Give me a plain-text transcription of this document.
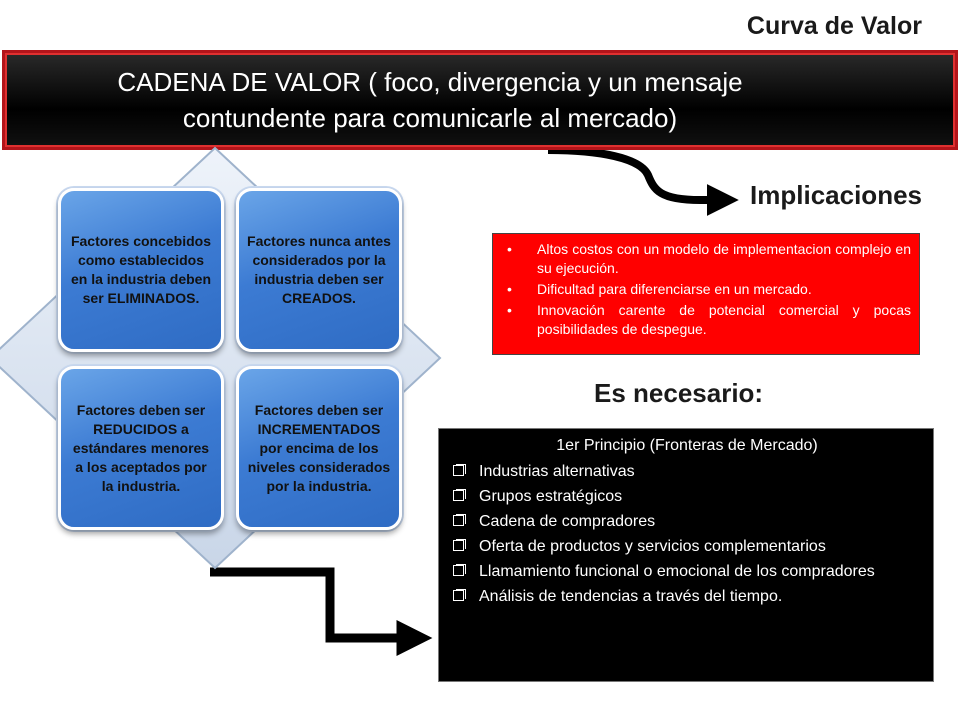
Curva de Valor
CADENA DE VALOR ( foco, divergencia y un mensaje contundente para comunicarle al mercado)
Factores concebidos como establecidos en la industria deben ser ELIMINADOS.
Factores nunca antes considerados por la industria deben ser CREADOS.
Factores deben ser REDUCIDOS a estándares menores a los aceptados por la industria.
Factores deben ser INCREMENTADOS por encima de los niveles considerados por la industria.
Implicaciones
• Altos costos con un modelo de implementacion complejo en su ejecución.
• Dificultad para diferenciarse en un mercado.
• Innovación carente de potencial comercial y pocas posibilidades de despegue.
Es necesario:
1er Principio (Fronteras de Mercado)
Industrias alternativas
Grupos estratégicos
Cadena de compradores
Oferta de productos y servicios complementarios
Llamamiento funcional o emocional de los compradores
Análisis de tendencias a través del tiempo.
